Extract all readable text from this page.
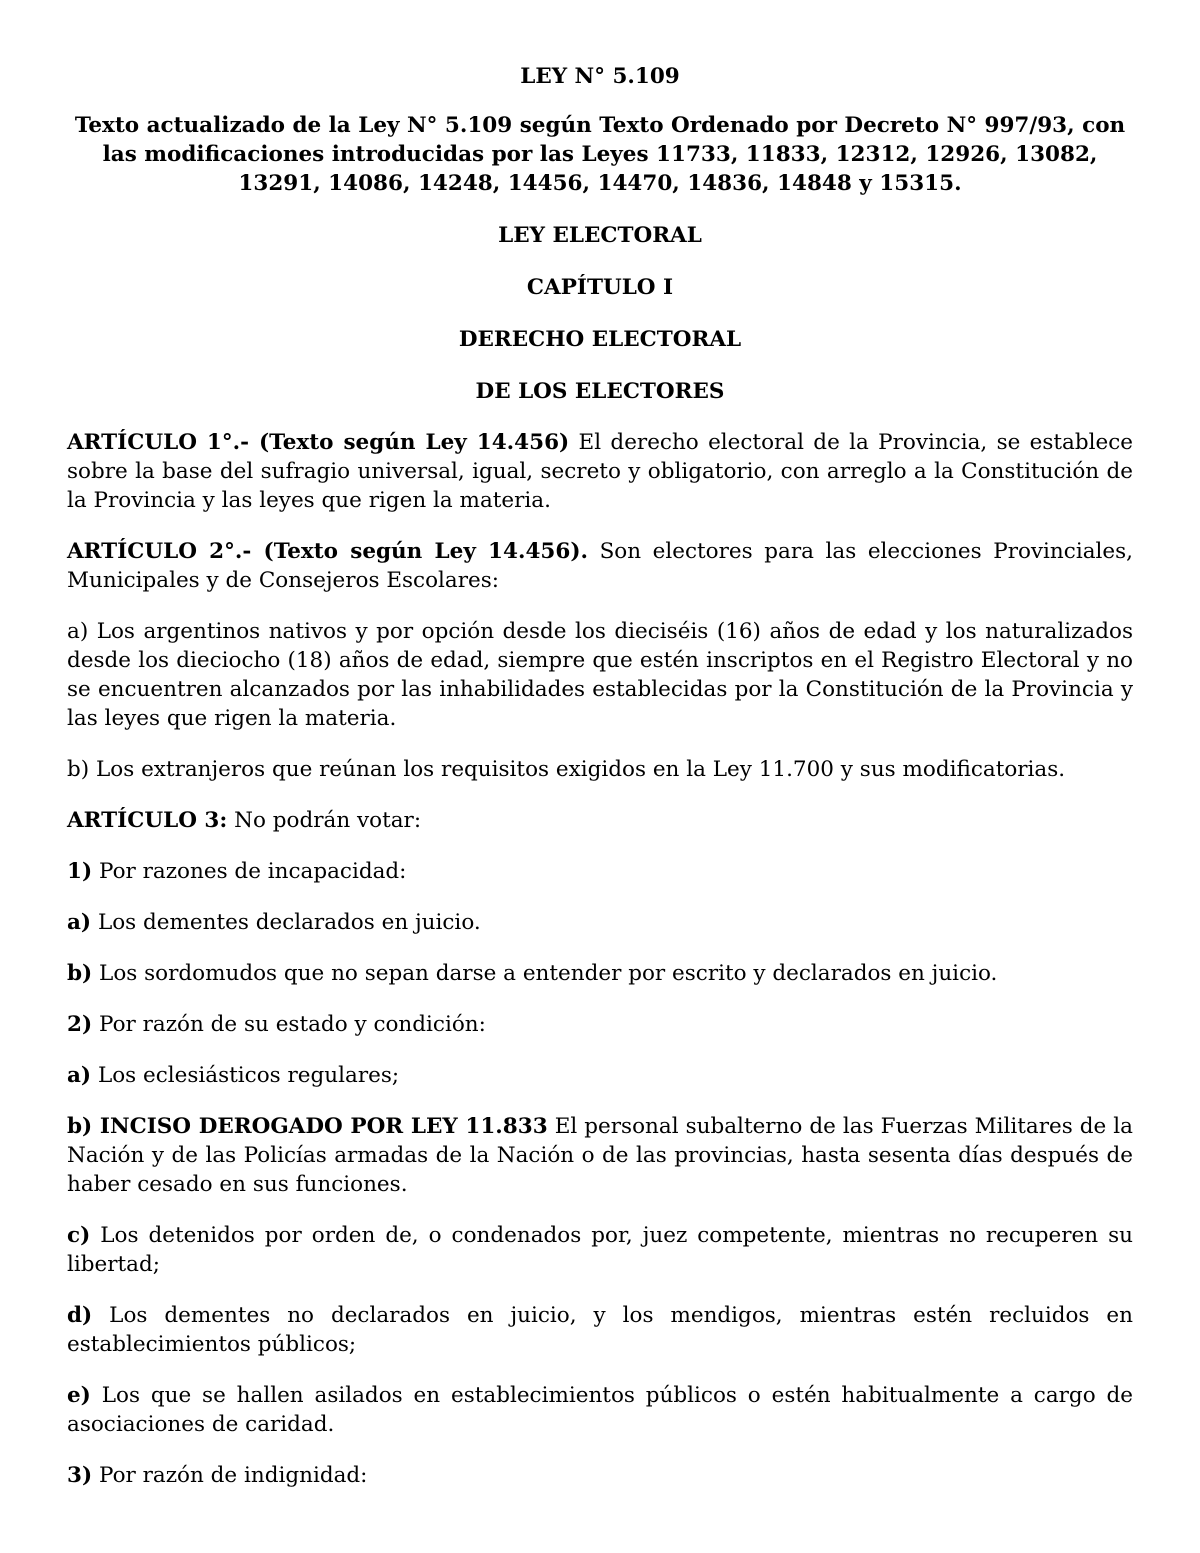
LEY N° 5.109

Texto actualizado de la Ley N° 5.109 según Texto Ordenado por Decreto N° 997/93, con las modificaciones introducidas por las Leyes 11733, 11833, 12312, 12926, 13082, 13291, 14086, 14248, 14456, 14470, 14836, 14848 y 15315.

LEY ELECTORAL

CAPÍTULO I

DERECHO ELECTORAL

DE LOS ELECTORES

ARTÍCULO 1°.- (Texto según Ley 14.456) El derecho electoral de la Provincia, se establece sobre la base del sufragio universal, igual, secreto y obligatorio, con arreglo a la Constitución de la Provincia y las leyes que rigen la materia.

ARTÍCULO 2°.- (Texto según Ley 14.456). Son electores para las elecciones Provinciales, Municipales y de Consejeros Escolares:

a) Los argentinos nativos y por opción desde los dieciséis (16) años de edad y los naturalizados desde los dieciocho (18) años de edad, siempre que estén inscriptos en el Registro Electoral y no se encuentren alcanzados por las inhabilidades establecidas por la Constitución de la Provincia y las leyes que rigen la materia.

b) Los extranjeros que reúnan los requisitos exigidos en la Ley 11.700 y sus modificatorias.

ARTÍCULO 3: No podrán votar:

1) Por razones de incapacidad:

a) Los dementes declarados en juicio.

b) Los sordomudos que no sepan darse a entender por escrito y declarados en juicio.

2) Por razón de su estado y condición:

a) Los eclesiásticos regulares;

b) INCISO DEROGADO POR LEY 11.833 El personal subalterno de las Fuerzas Militares de la Nación y de las Policías armadas de la Nación o de las provincias, hasta sesenta días después de haber cesado en sus funciones.

c) Los detenidos por orden de, o condenados por, juez competente, mientras no recuperen su libertad;

d) Los dementes no declarados en juicio, y los mendigos, mientras estén recluidos en establecimientos públicos;

e) Los que se hallen asilados en establecimientos públicos o estén habitualmente a cargo de asociaciones de caridad.

3) Por razón de indignidad:
